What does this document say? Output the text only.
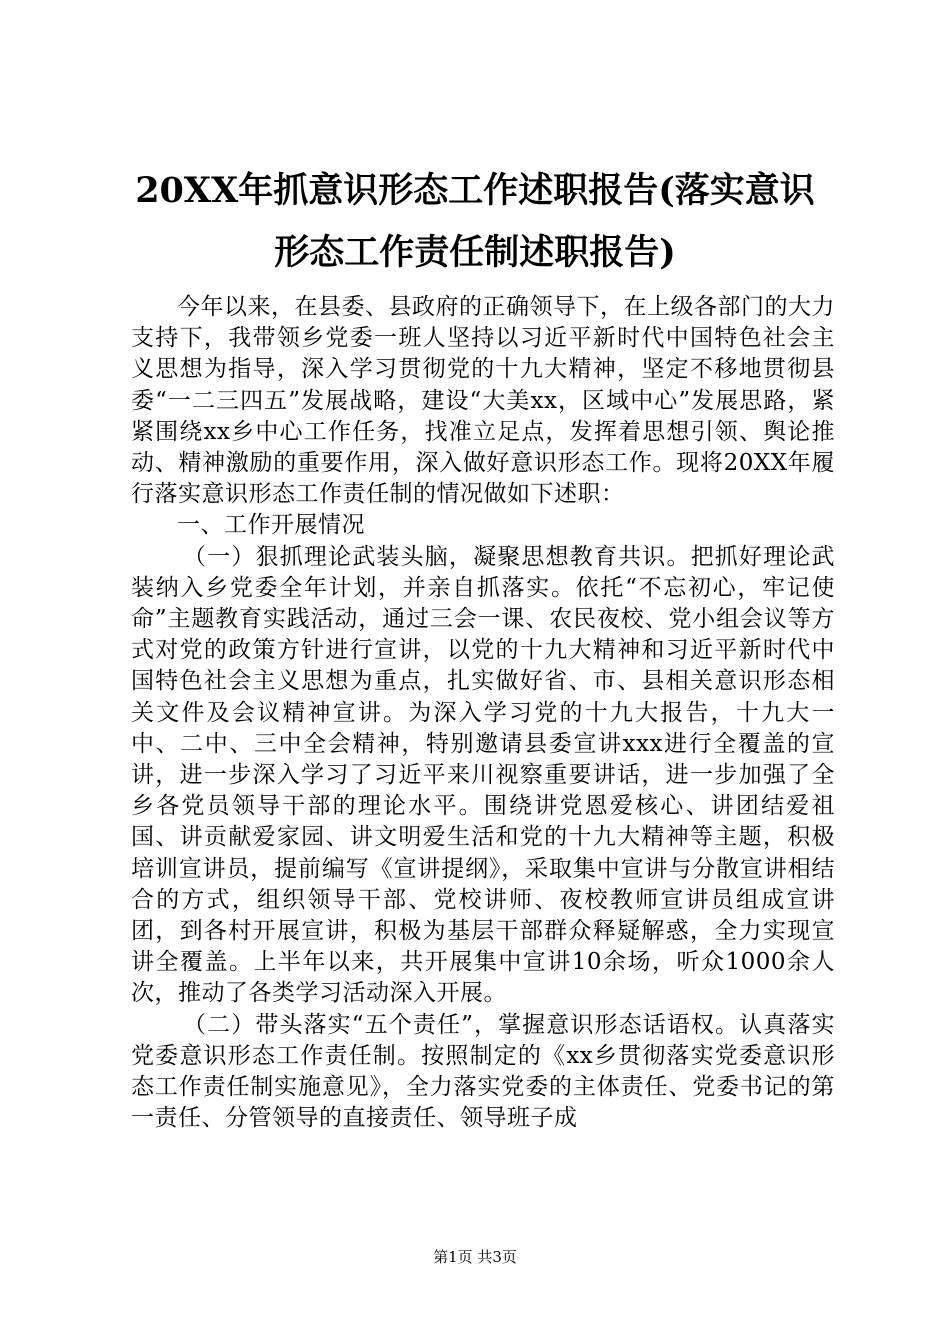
20XX年抓意识形态工作述职报告(落实意识形态工作责任制述职报告)

今年以来，在县委、县政府的正确领导下，在上级各部门的大力支持下，我带领乡党委一班人坚持以习近平新时代中国特色社会主义思想为指导，深入学习贯彻党的十九大精神，坚定不移地贯彻县委“一二三四五”发展战略，建设“大美xx，区域中心”发展思路，紧紧围绕xx乡中心工作任务，找准立足点，发挥着思想引领、舆论推动、精神激励的重要作用，深入做好意识形态工作。现将20XX年履行落实意识形态工作责任制的情况做如下述职：

一、工作开展情况

（一）狠抓理论武装头脑，凝聚思想教育共识。把抓好理论武装纳入乡党委全年计划，并亲自抓落实。依托“不忘初心，牢记使命”主题教育实践活动，通过三会一课、农民夜校、党小组会议等方式对党的政策方针进行宣讲，以党的十九大精神和习近平新时代中国特色社会主义思想为重点，扎实做好省、市、县相关意识形态相关文件及会议精神宣讲。为深入学习党的十九大报告，十九大一中、二中、三中全会精神，特别邀请县委宣讲xxx进行全覆盖的宣讲，进一步深入学习了习近平来川视察重要讲话，进一步加强了全乡各党员领导干部的理论水平。围绕讲党恩爱核心、讲团结爱祖国、讲贡献爱家园、讲文明爱生活和党的十九大精神等主题，积极培训宣讲员，提前编写《宣讲提纲》，采取集中宣讲与分散宣讲相结合的方式，组织领导干部、党校讲师、夜校教师宣讲员组成宣讲团，到各村开展宣讲，积极为基层干部群众释疑解惑，全力实现宣讲全覆盖。上半年以来，共开展集中宣讲10余场，听众1000余人次，推动了各类学习活动深入开展。

（二）带头落实“五个责任”，掌握意识形态话语权。认真落实党委意识形态工作责任制。按照制定的《xx乡贯彻落实党委意识形态工作责任制实施意见》，全力落实党委的主体责任、党委书记的第一责任、分管领导的直接责任、领导班子成

第1页 共3页
